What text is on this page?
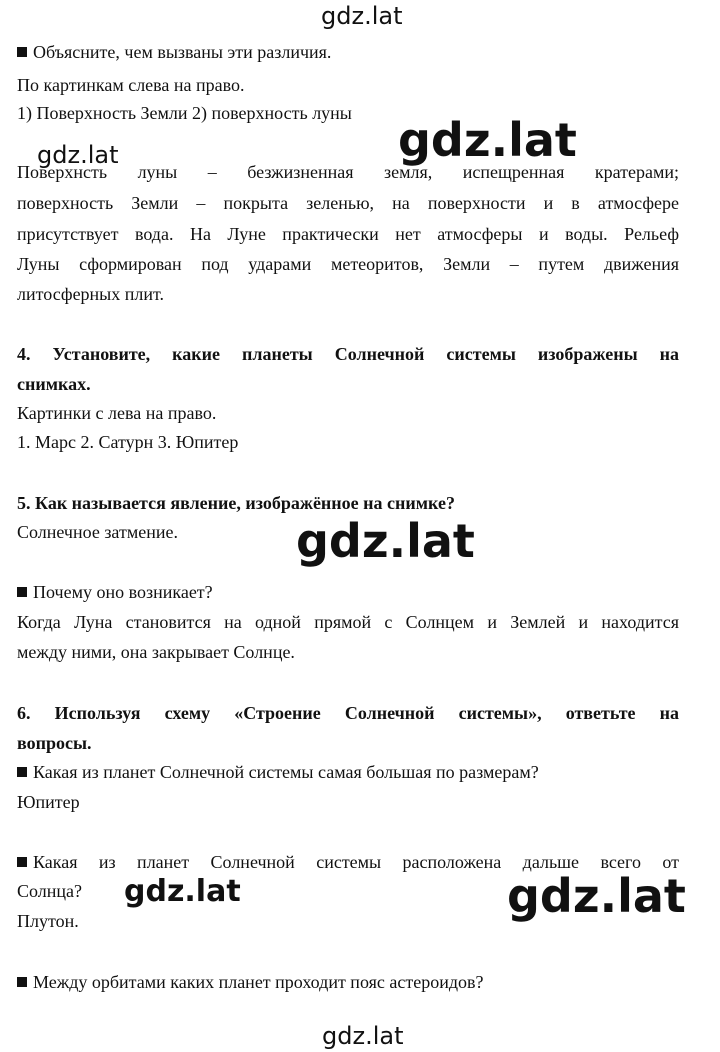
gdz.lat
gdz.lat
gdz.lat
gdz.lat
gdz.lat	gdz.lat
gdz.lat
Объясните, чем вызваны эти различия.
По картинкам слева на право.
1) Поверхность Земли 2) поверхность луны
Поверхнсть луны – безжизненная земля, испещренная кратерами;
поверхность Земли – покрыта зеленью, на поверхности и в атмосфере
присутствует вода. На Луне практически нет атмосферы и воды. Рельеф
Луны сформирован под ударами метеоритов, Земли – путем движения
литосферных плит.
4. Установите, какие планеты Солнечной системы изображены на
снимках.
Картинки с лева на право.
1. Марс 2. Сатурн 3. Юпитер
5. Как называется явление, изображённое на снимке?
Солнечное затмение.
Почему оно возникает?
Когда Луна становится на одной прямой с Солнцем и Землей и находится
между ними, она закрывает Солнце.
6. Используя схему «Строение Солнечной системы», ответьте на
вопросы.
Какая из планет Солнечной системы самая большая по размерам?
Юпитер
Какая из планет Солнечной системы расположена дальше всего от
Солнца?
Плутон.
Между орбитами каких планет проходит пояс астероидов?
